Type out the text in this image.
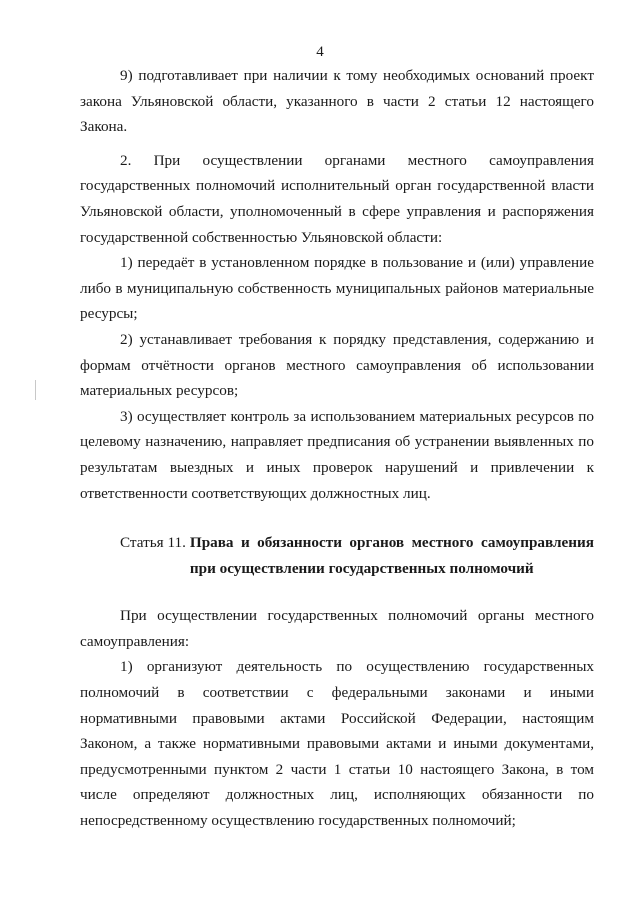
4

9) подготавливает при наличии к тому необходимых оснований проект закона Ульяновской области, указанного в части 2 статьи 12 настоящего Закона.

2. При осуществлении органами местного самоуправления государственных полномочий исполнительный орган государственной власти Ульяновской области, уполномоченный в сфере управления и распоряжения государственной собственностью Ульяновской области:

1) передаёт в установленном порядке в пользование и (или) управление либо в муниципальную собственность муниципальных районов материальные ресурсы;

2) устанавливает требования к порядку представления, содержанию и формам отчётности органов местного самоуправления об использовании материальных ресурсов;

3) осуществляет контроль за использованием материальных ресурсов по целевому назначению, направляет предписания об устранении выявленных по результатам выездных и иных проверок нарушений и привлечении к ответственности соответствующих должностных лиц.

Статья 11. Права и обязанности органов местного самоуправления при осуществлении государственных полномочий

При осуществлении государственных полномочий органы местного самоуправления:

1) организуют деятельность по осуществлению государственных полномочий в соответствии с федеральными законами и иными нормативными правовыми актами Российской Федерации, настоящим Законом, а также нормативными правовыми актами и иными документами, предусмотренными пунктом 2 части 1 статьи 10 настоящего Закона, в том числе определяют должностных лиц, исполняющих обязанности по непосредственному осуществлению государственных полномочий;
